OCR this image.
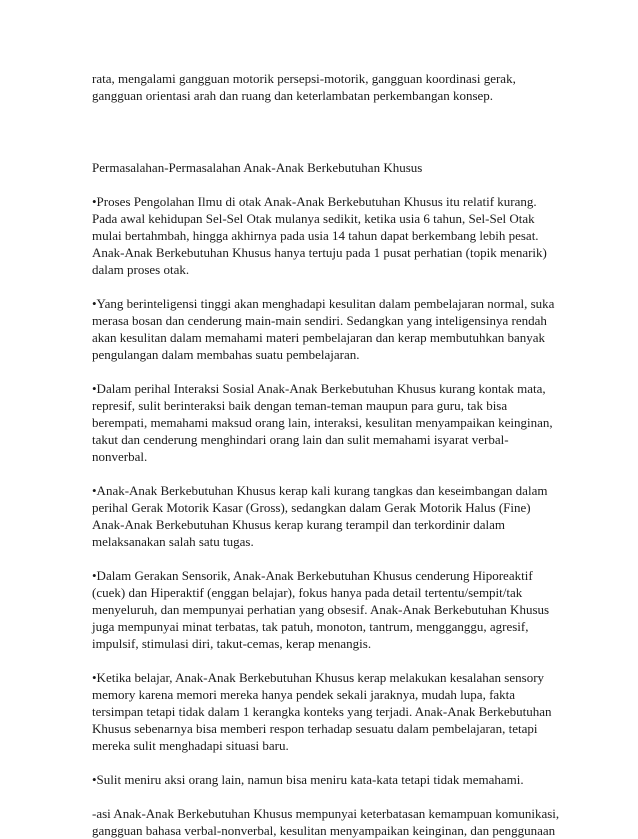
rata, mengalami gangguan motorik persepsi-motorik, gangguan koordinasi gerak,
gangguan orientasi arah dan ruang dan keterlambatan perkembangan konsep.
Permasalahan-Permasalahan Anak-Anak Berkebutuhan Khusus
•Proses Pengolahan Ilmu di otak Anak-Anak Berkebutuhan Khusus itu relatif kurang.
Pada awal kehidupan Sel-Sel Otak mulanya sedikit, ketika usia 6 tahun, Sel-Sel Otak
mulai bertahmbah, hingga akhirnya pada usia 14 tahun dapat berkembang lebih pesat.
Anak-Anak Berkebutuhan Khusus hanya tertuju pada 1 pusat perhatian (topik menarik)
dalam proses otak.
•Yang berinteligensi tinggi akan menghadapi kesulitan dalam pembelajaran normal, suka
merasa bosan dan cenderung main-main sendiri. Sedangkan yang inteligensinya rendah
akan kesulitan dalam memahami materi pembelajaran dan kerap membutuhkan banyak
pengulangan dalam membahas suatu pembelajaran.
•Dalam perihal Interaksi Sosial Anak-Anak Berkebutuhan Khusus kurang kontak mata,
represif, sulit berinteraksi baik dengan teman-teman maupun para guru, tak bisa
berempati, memahami maksud orang lain, interaksi, kesulitan menyampaikan keinginan,
takut dan cenderung menghindari orang lain dan sulit memahami isyarat verbal-
nonverbal.
•Anak-Anak Berkebutuhan Khusus kerap kali kurang tangkas dan keseimbangan dalam
perihal Gerak Motorik Kasar (Gross), sedangkan dalam Gerak Motorik Halus (Fine)
Anak-Anak Berkebutuhan Khusus kerap kurang terampil dan terkordinir dalam
melaksanakan salah satu tugas.
•Dalam Gerakan Sensorik, Anak-Anak Berkebutuhan Khusus cenderung Hiporeaktif
(cuek) dan Hiperaktif (enggan belajar), fokus hanya pada detail tertentu/sempit/tak
menyeluruh, dan mempunyai perhatian yang obsesif. Anak-Anak Berkebutuhan Khusus
juga mempunyai minat terbatas, tak patuh, monoton, tantrum, mengganggu, agresif,
impulsif, stimulasi diri, takut-cemas, kerap menangis.
•Ketika belajar, Anak-Anak Berkebutuhan Khusus kerap melakukan kesalahan sensory
memory karena memori mereka hanya pendek sekali jaraknya, mudah lupa, fakta
tersimpan tetapi tidak dalam 1 kerangka konteks yang terjadi. Anak-Anak Berkebutuhan
Khusus sebenarnya bisa memberi respon terhadap sesuatu dalam pembelajaran, tetapi
mereka sulit menghadapi situasi baru.
•Sulit meniru aksi orang lain, namun bisa meniru kata-kata tetapi tidak memahami.
-asi Anak-Anak Berkebutuhan Khusus mempunyai keterbatasan kemampuan komunikasi,
gangguan bahasa verbal-nonverbal, kesulitan menyampaikan keinginan, dan penggunaan
